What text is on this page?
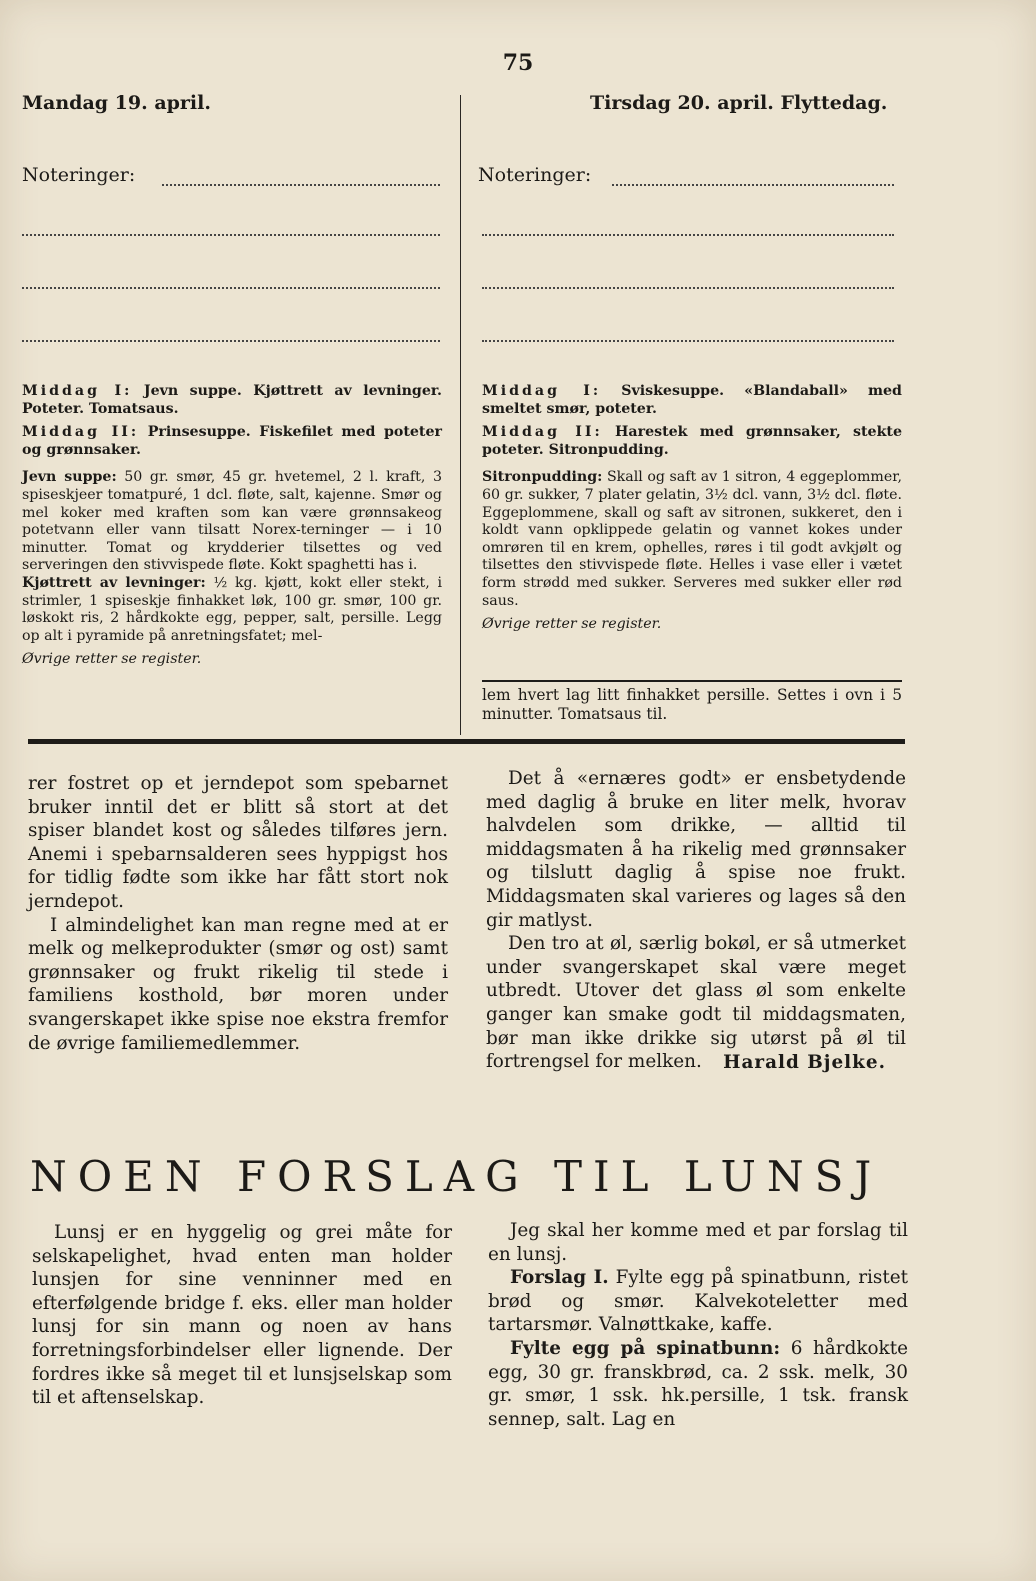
75
Mandag 19. april.	Tirsdag 20. april. Flyttedag.
Noteringer:	Noteringer:

Middag I: Jevn suppe. Kjøttrett av levninger. Poteter. Tomatsaus.

Middag II: Prinsesuppe. Fiskefilet med poteter og grønnsaker.

Jevn suppe: 50 gr. smør, 45 gr. hvetemel, 2 l. kraft, 3 spiseskjeer tomatpuré, 1 dcl. fløte, salt, kajenne. Smør og mel koker med kraften som kan være grønnsakeog potetvann eller vann tilsatt Norex-terninger — i 10 minutter. Tomat og krydderier tilsettes og ved serveringen den stivvispede fløte. Kokt spaghetti has i.

Kjøttrett av levninger: ½ kg. kjøtt, kokt eller stekt, i strimler, 1 spiseskje finhakket løk, 100 gr. smør, 100 gr. løskokt ris, 2 hårdkokte egg, pepper, salt, persille. Legg op alt i pyramide på anretningsfatet; mel-

Øvrige retter se register.

Middag I: Sviskesuppe. «Blandaball» med smeltet smør, poteter.

Middag II: Harestek med grønnsaker, stekte poteter. Sitronpudding.

Sitronpudding: Skall og saft av 1 sitron, 4 eggeplommer, 60 gr. sukker, 7 plater gelatin, 3½ dcl. vann, 3½ dcl. fløte. Eggeplommene, skall og saft av sitronen, sukkeret, den i koldt vann opklippede gelatin og vannet kokes under omrøren til en krem, ophelles, røres i til godt avkjølt og tilsettes den stivvispede fløte. Helles i vase eller i vætet form strødd med sukker. Serveres med sukker eller rød saus.

Øvrige retter se register.

lem hvert lag litt finhakket persille. Settes i ovn i 5 minutter. Tomatsaus til.

rer fostret op et jerndepot som spebarnet bruker inntil det er blitt så stort at det spiser blandet kost og således tilføres jern. Anemi i spebarnsalderen sees hyppigst hos for tidlig fødte som ikke har fått stort nok jerndepot.

I almindelighet kan man regne med at er melk og melkeprodukter (smør og ost) samt grønnsaker og frukt rikelig til stede i familiens kosthold, bør moren under svangerskapet ikke spise noe ekstra fremfor de øvrige familiemedlemmer.

Det å «ernæres godt» er ensbetydende med daglig å bruke en liter melk, hvorav halvdelen som drikke, — alltid til middagsmaten å ha rikelig med grønnsaker og tilslutt daglig å spise noe frukt. Middagsmaten skal varieres og lages så den gir matlyst.

Den tro at øl, særlig bokøl, er så utmerket under svangerskapet skal være meget utbredt. Utover det glass øl som enkelte ganger kan smake godt til middagsmaten, bør man ikke drikke sig utørst på øl til fortrengsel for melken.	Harald Bjelke.
NOEN FORSLAG TIL LUNSJ

Lunsj er en hyggelig og grei måte for selskapelighet, hvad enten man holder lunsjen for sine venninner med en efterfølgende bridge f. eks. eller man holder lunsj for sin mann og noen av hans forretningsforbindelser eller lignende. Der fordres ikke så meget til et lunsjselskap som til et aftenselskap.

Jeg skal her komme med et par forslag til en lunsj.

Forslag I. Fylte egg på spinatbunn, ristet brød og smør. Kalvekoteletter med tartarsmør. Valnøttkake, kaffe.

Fylte egg på spinatbunn: 6 hårdkokte egg, 30 gr. franskbrød, ca. 2 ssk. melk, 30 gr. smør, 1 ssk. hk.persille, 1 tsk. fransk sennep, salt. Lag en
